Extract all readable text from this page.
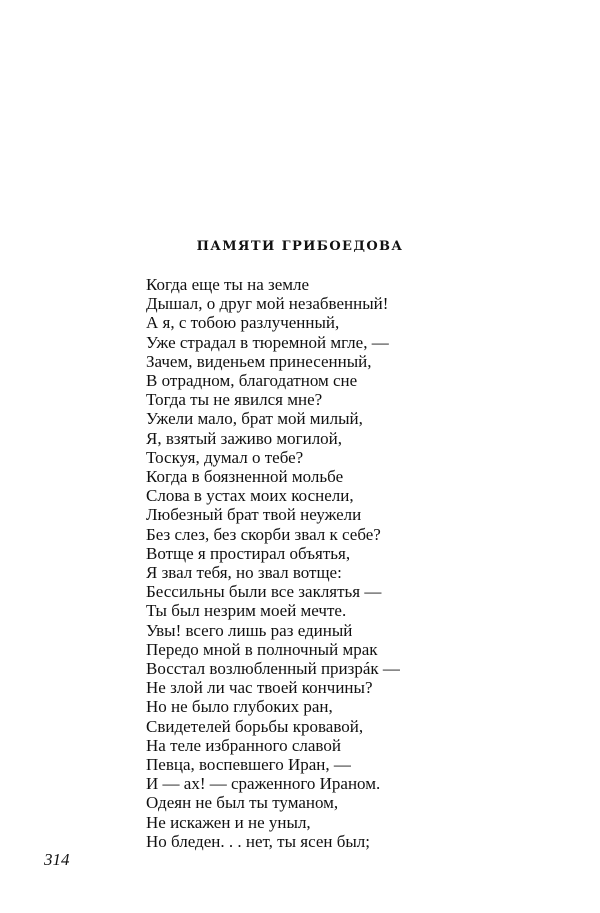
ПАМЯТИ ГРИБОЕДОВА
Когда еще ты на земле
Дышал, о друг мой незабвенный!
А я, с тобою разлученный,
Уже страдал в тюремной мгле, —
Зачем, виденьем принесенный,
В отрадном, благодатном сне
Тогда ты не явился мне?
Ужели мало, брат мой милый,
Я, взятый заживо могилой,
Тоскуя, думал о тебе?
Когда в боязненной мольбе
Слова в устах моих коснели,
Любезный брат твой неужели
Без слез, без скорби звал к себе?
Вотще я простирал объятья,
Я звал тебя, но звал вотще:
Бессильны были все заклятья —
Ты был незрим моей мечте.
Увы! всего лишь раз единый
Передо мной в полночный мрак
Восстал возлюбленный призрáк —
Не злой ли час твоей кончины?
Но не было глубоких ран,
Свидетелей борьбы кровавой,
На теле избранного славой
Певца, воспевшего Иран, —
И — ах! — сраженного Ираном.
Одеян не был ты туманом,
Не искажен и не уныл,
Но бледен. . . нет, ты ясен был;

314
